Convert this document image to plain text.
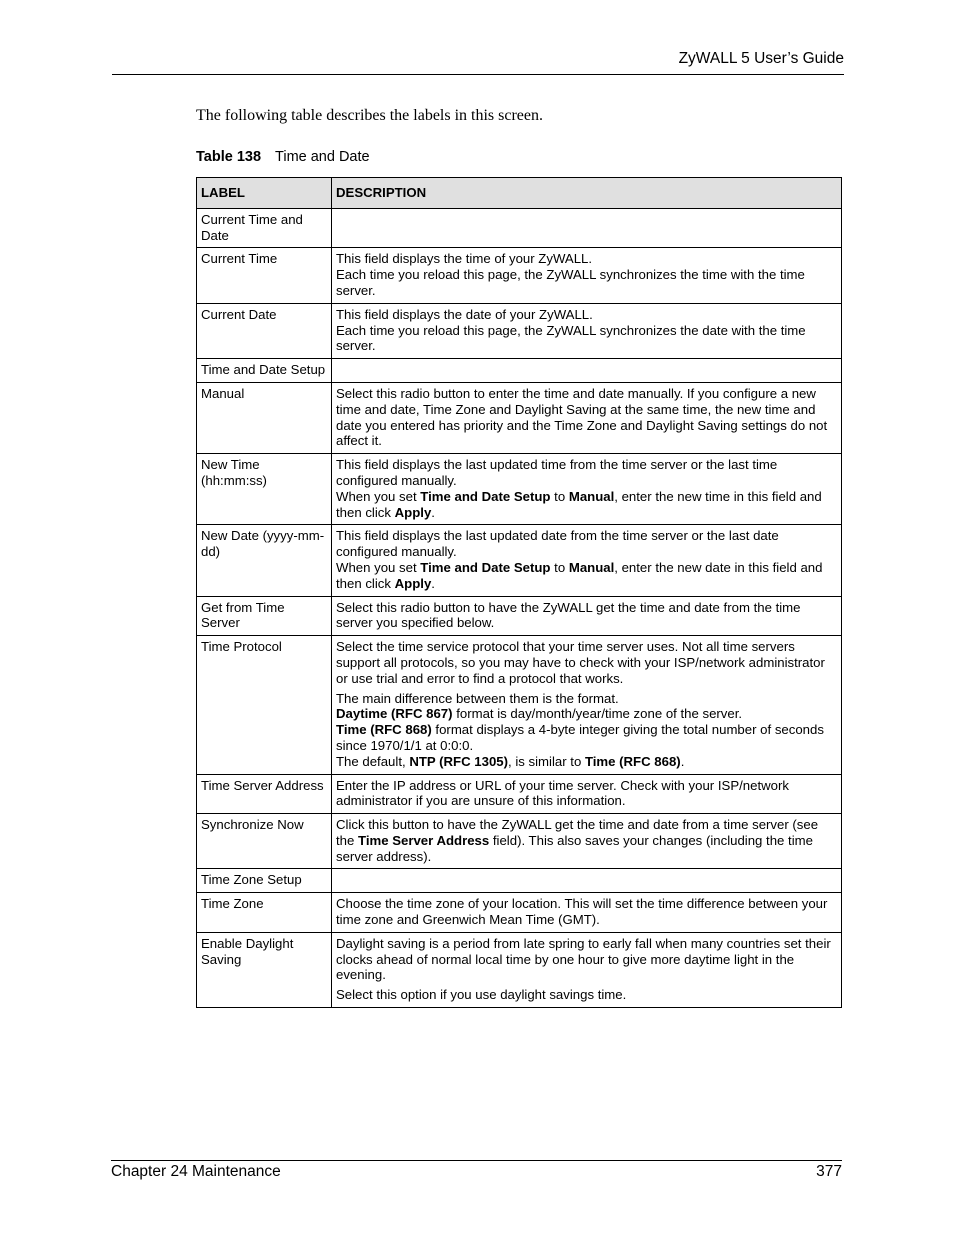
ZyWALL 5 User’s Guide
The following table describes the labels in this screen.
Table 138 Time and Date
LABEL	DESCRIPTION
Current Time and Date	
Current Time	This field displays the time of your ZyWALL.
Each time you reload this page, the ZyWALL synchronizes the time with the time server.

Current Date	This field displays the date of your ZyWALL.
Each time you reload this page, the ZyWALL synchronizes the date with the time server.

Time and Date Setup	
Manual	Select this radio button to enter the time and date manually. If you configure a new time and date, Time Zone and Daylight Saving at the same time, the new time and date you entered has priority and the Time Zone and Daylight Saving settings do not affect it.

New Time (hh:mm:ss)	This field displays the last updated time from the time server or the last time configured manually.
When you set Time and Date Setup to Manual, enter the new time in this field and then click Apply.

New Date (yyyy-mm-dd)	This field displays the last updated date from the time server or the last date configured manually.
When you set Time and Date Setup to Manual, enter the new date in this field and then click Apply.

Get from Time Server	Select this radio button to have the ZyWALL get the time and date from the time server you specified below.

Time Protocol	Select the time service protocol that your time server uses. Not all time servers support all protocols, so you may have to check with your ISP/network administrator or use trial and error to find a protocol that works.
The main difference between them is the format.
Daytime (RFC 867) format is day/month/year/time zone of the server.
Time (RFC 868) format displays a 4-byte integer giving the total number of seconds since 1970/1/1 at 0:0:0.
The default, NTP (RFC 1305), is similar to Time (RFC 868).

Time Server Address	Enter the IP address or URL of your time server. Check with your ISP/network administrator if you are unsure of this information.

Synchronize Now	Click this button to have the ZyWALL get the time and date from a time server (see the Time Server Address field). This also saves your changes (including the time server address).

Time Zone Setup	
Time Zone	Choose the time zone of your location. This will set the time difference between your time zone and Greenwich Mean Time (GMT).

Enable Daylight Saving	Daylight saving is a period from late spring to early fall when many countries set their clocks ahead of normal local time by one hour to give more daytime light in the evening.
Select this option if you use daylight savings time.
Chapter 24 Maintenance	377
